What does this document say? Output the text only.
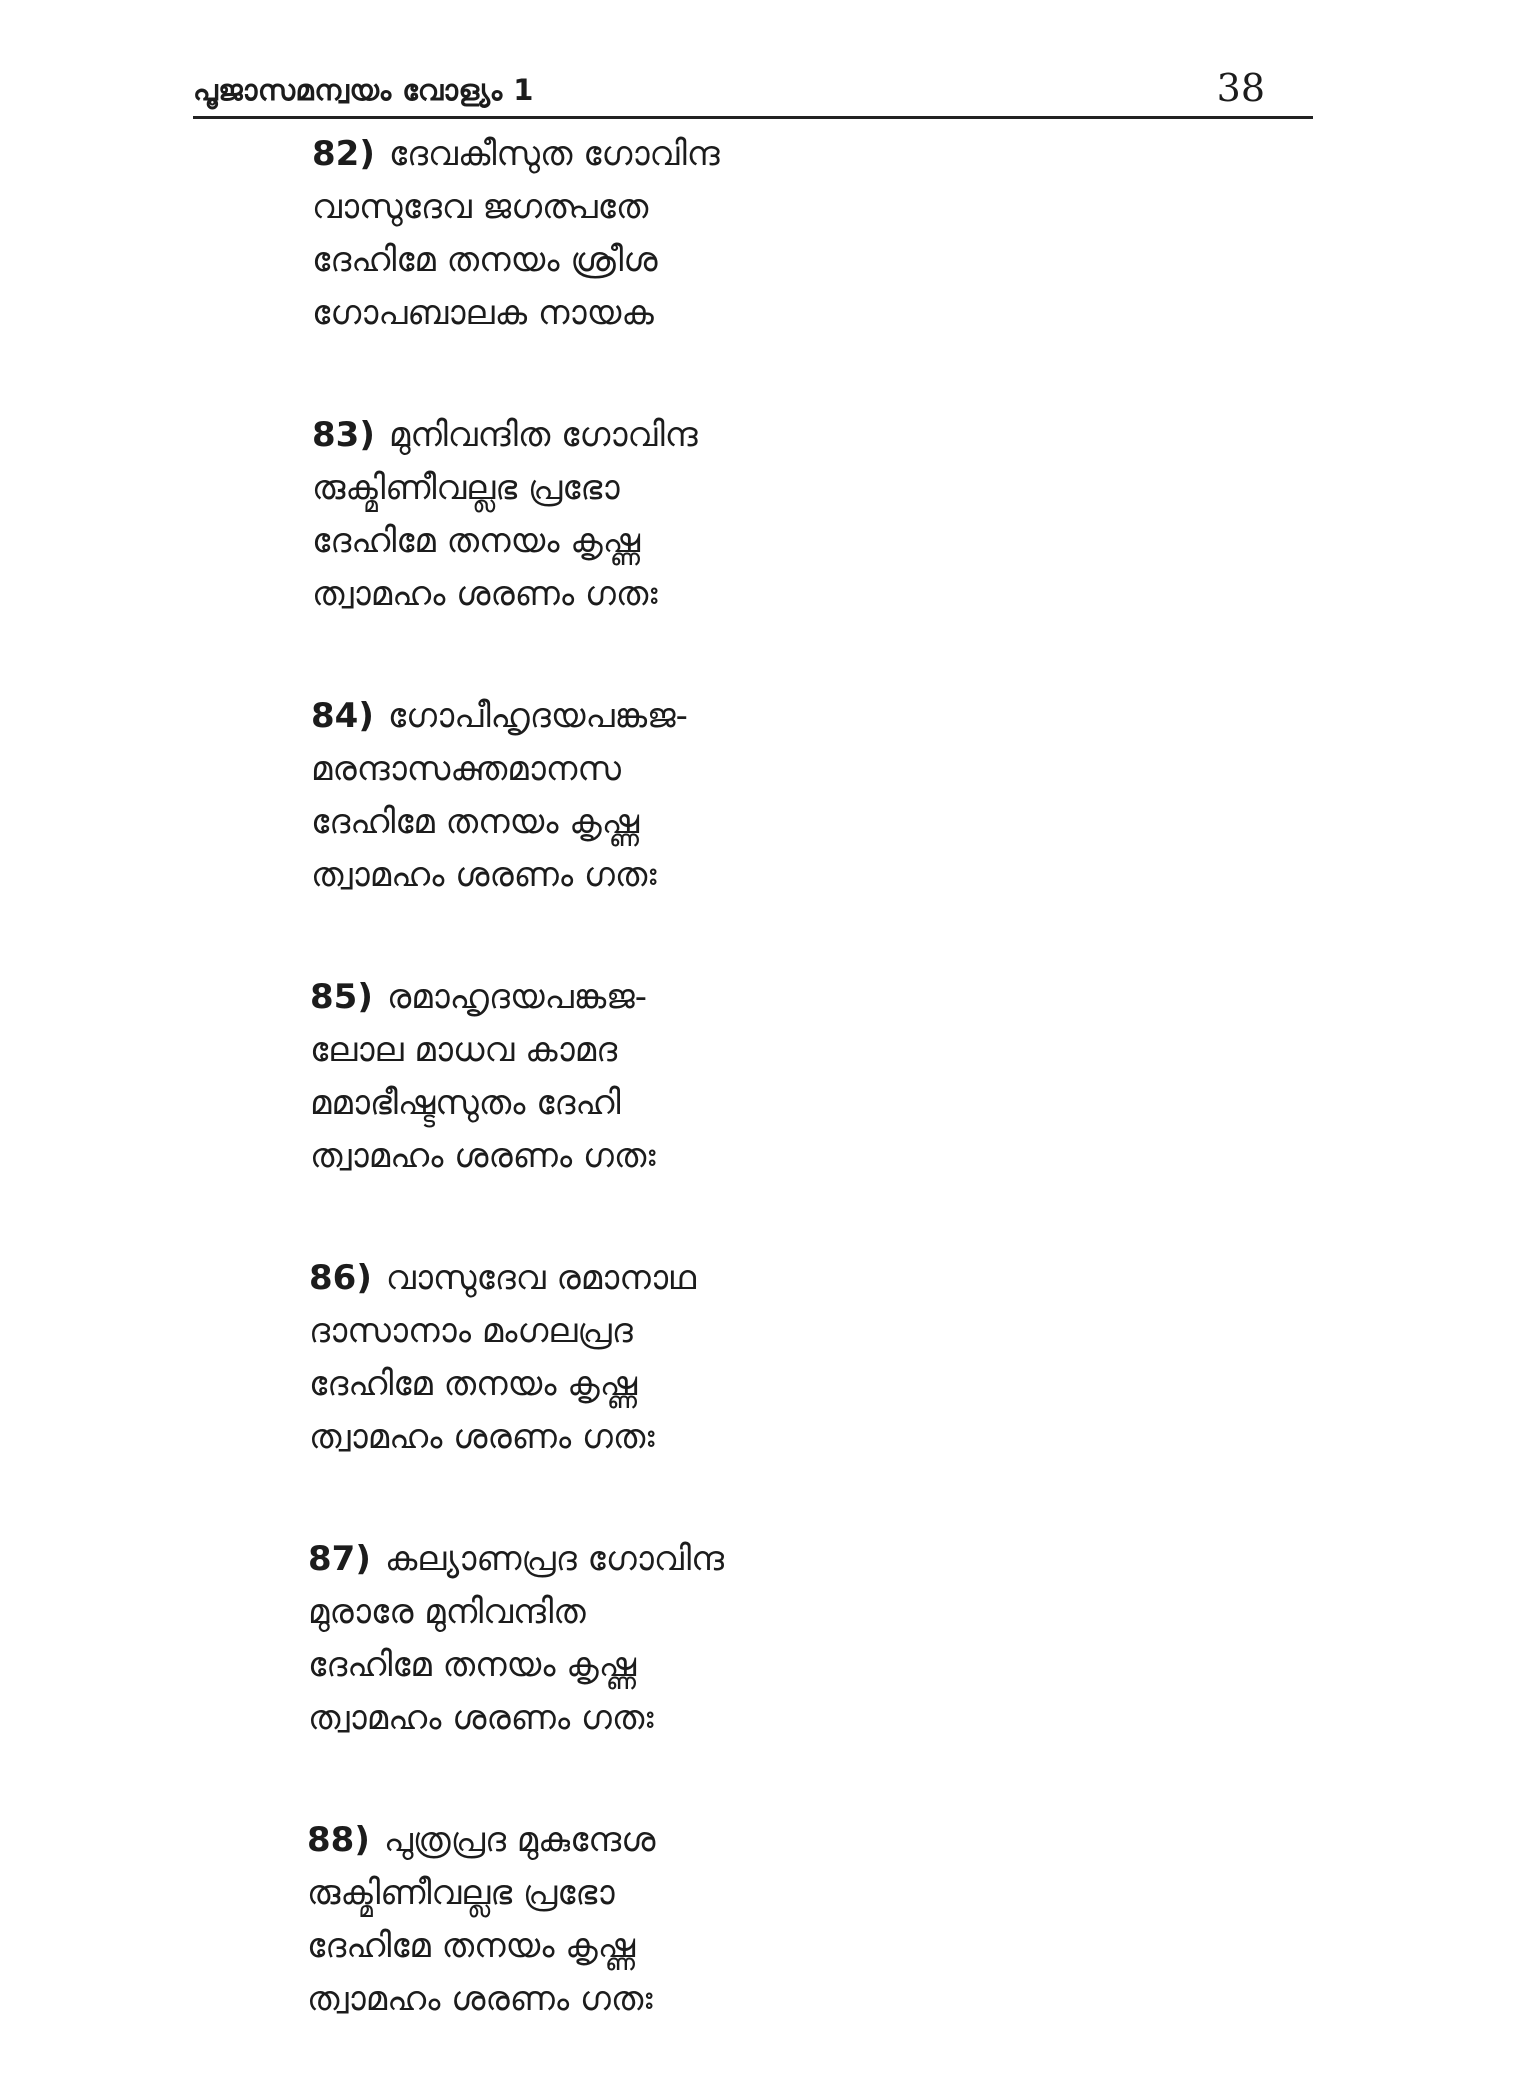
പൂജാസമന്വയം വോള്യം 1	38
82) ദേവകീസുത ഗോവിന്ദ
വാസുദേവ ജഗത്പതേ
ദേഹിമേ തനയം ശ്രീശ
ഗോപബാലക നായക
83) മുനിവന്ദിത ഗോവിന്ദ
രുക്മിണീവല്ലഭ പ്രഭോ
ദേഹിമേ തനയം കൃഷ്ണ
ത്വാമഹം ശരണം ഗതഃ
84) ഗോപീഹൃദയപങ്കജ-
മരന്ദാസക്തമാനസ
ദേഹിമേ തനയം കൃഷ്ണ
ത്വാമഹം ശരണം ഗതഃ
85) രമാഹൃദയപങ്കജ-
ലോല മാധവ കാമദ
മമാഭീഷ്ടസുതം ദേഹി
ത്വാമഹം ശരണം ഗതഃ
86) വാസുദേവ രമാനാഥ
ദാസാനാം മംഗലപ്രദ
ദേഹിമേ തനയം കൃഷ്ണ
ത്വാമഹം ശരണം ഗതഃ
87) കല്യാണപ്രദ ഗോവിന്ദ
മുരാരേ മുനിവന്ദിത
ദേഹിമേ തനയം കൃഷ്ണ
ത്വാമഹം ശരണം ഗതഃ
88) പുത്രപ്രദ മുകുന്ദേശ
രുക്മിണീവല്ലഭ പ്രഭോ
ദേഹിമേ തനയം കൃഷ്ണ
ത്വാമഹം ശരണം ഗതഃ
